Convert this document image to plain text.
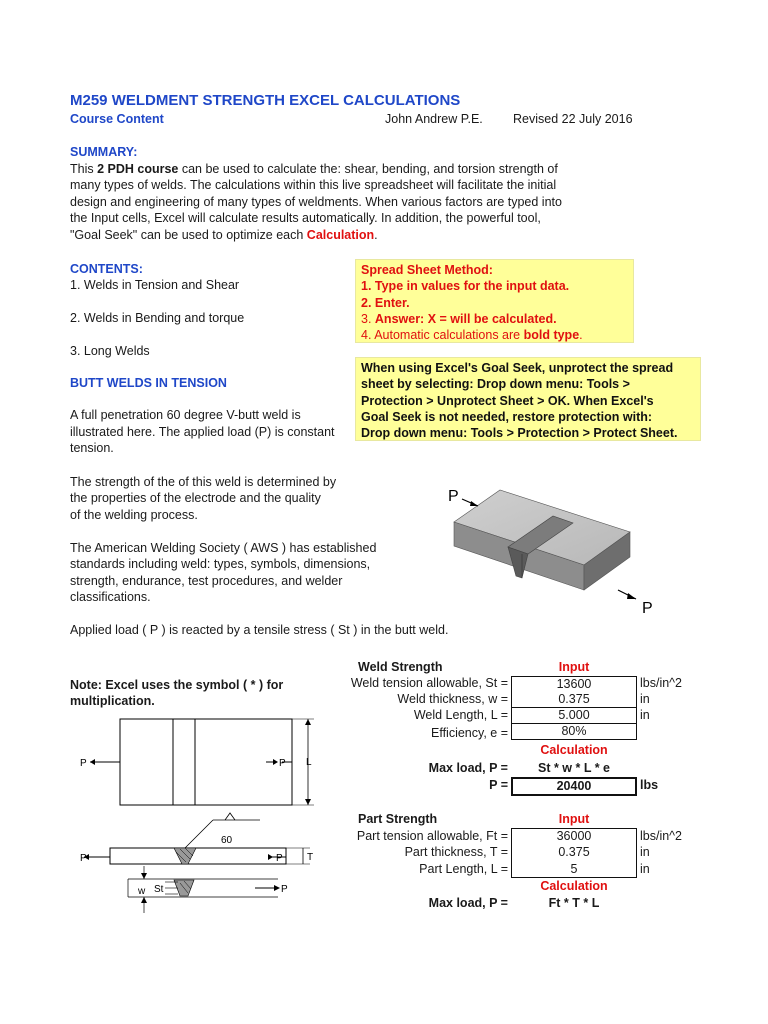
M259 WELDMENT STRENGTH EXCEL CALCULATIONS
Course Content	John Andrew P.E. Revised 22 July 2016
SUMMARY:
This 2 PDH course can be used to calculate the: shear, bending, and torsion strength of
many types of welds. The calculations within this live spreadsheet will facilitate the initial
design and engineering of many types of weldments. When various factors are typed into
the Input cells, Excel will calculate results automatically. In addition, the powerful tool,
"Goal Seek" can be used to optimize each Calculation.
CONTENTS:
1. Welds in Tension and Shear
2. Welds in Bending and torque
3. Long Welds
Spread Sheet Method:
1. Type in values for the input data.
2. Enter.
3. Answer: X = will be calculated.
4. Automatic calculations are bold type.
When using Excel's Goal Seek, unprotect the spread
sheet by selecting: Drop down menu: Tools >
Protection > Unprotect Sheet > OK. When Excel's
Goal Seek is not needed, restore protection with:
Drop down menu: Tools > Protection > Protect Sheet.
BUTT WELDS IN TENSION
A full penetration 60 degree V-butt weld is
illustrated here. The applied load (P) is constant
tension.
The strength of the of this weld is determined by
the properties of the electrode and the quality
of the welding process.
The American Welding Society ( AWS ) has established
standards including weld: types, symbols, dimensions,
strength, endurance, test procedures, and welder
classifications.
Applied load ( P ) is reacted by a tensile stress ( St ) in the butt weld.
Note: Excel uses the symbol ( * ) for
multiplication.
P
P
P	P L
60
P	P T
St
w	P
Weld Strength	Input
Weld tension allowable, St =	13600	lbs/in^2
Weld thickness, w =	0.375	in
Weld Length, L =	5.000	in
Efficiency, e =	80%
Calculation
Max load, P =	St * w * L * e
P =	20400	lbs
Part Strength	Input
Part tension allowable, Ft =	36000	lbs/in^2
Part thickness, T =	0.375	in
Part Length, L =	5	in
Calculation
Max load, P =	Ft * T * L
